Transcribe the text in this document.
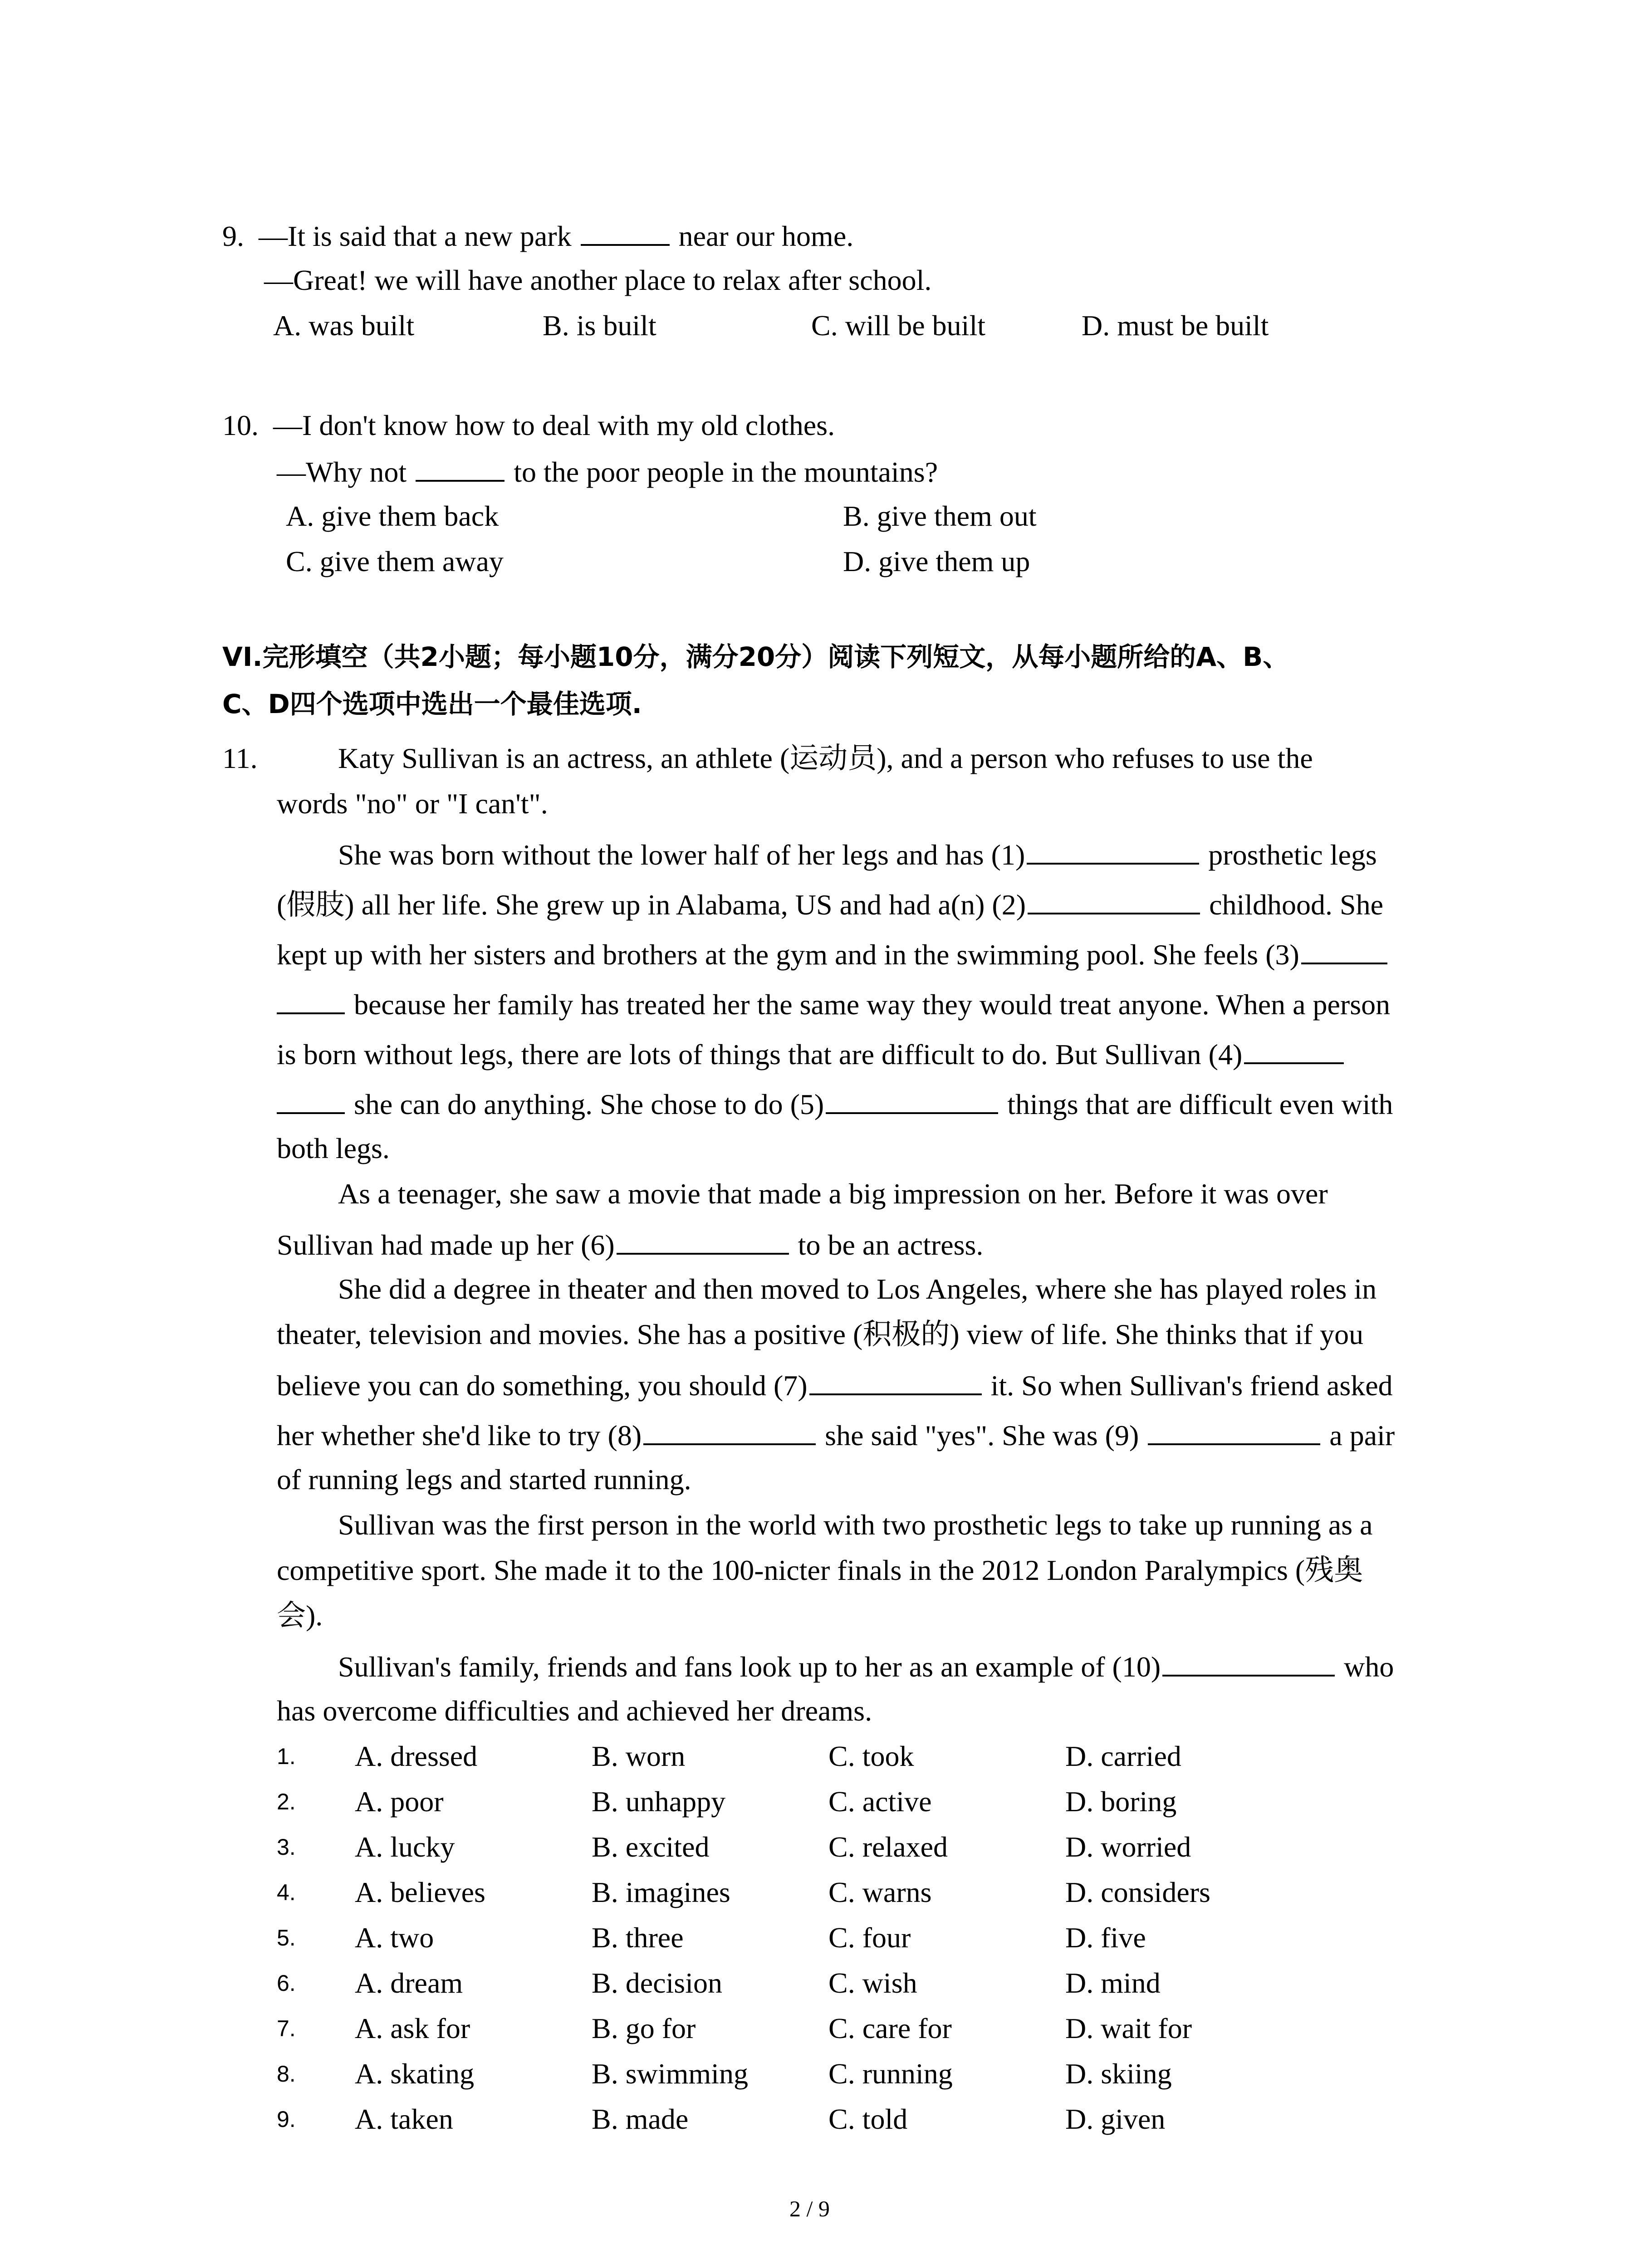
9. —It is said that a new park	near our home.
—Great! we will have another place to relax after school.
A. was built	B. is built	C. will be built	D. must be built
10. —I don't know how to deal with my old clothes.
—Why not	to the poor people in the mountains?
A. give them back	B. give them out
C. give them away	D. give them up
VI.完形填空（共2小题；每小题10分，满分20分）阅读下列短文，从每小题所给的A、B、
C、D四个选项中选出一个最佳选项.
11.	Katy Sullivan is an actress, an athlete (运动员), and a person who refuses to use the
words "no" or "I can't".
She was born without the lower half of her legs and has (1)	prosthetic legs
(假肢) all her life. She grew up in Alabama, US and had a(n) (2)	childhood. She
kept up with her sisters and brothers at the gym and in the swimming pool. She feels (3)
because her family has treated her the same way they would treat anyone. When a person
is born without legs, there are lots of things that are difficult to do. But Sullivan (4)
she can do anything. She chose to do (5)	things that are difficult even with
both legs.
As a teenager, she saw a movie that made a big impression on her. Before it was over
Sullivan had made up her (6)	to be an actress.
She did a degree in theater and then moved to Los Angeles, where she has played roles in
theater, television and movies. She has a positive (积极的) view of life. She thinks that if you
believe you can do something, you should (7)	it. So when Sullivan's friend asked
her whether she'd like to try (8)	she said "yes". She was (9)	a pair
of running legs and started running.
Sullivan was the first person in the world with two prosthetic legs to take up running as a
competitive sport. She made it to the 100-nicter finals in the 2012 London Paralympics (残奥
会).
Sullivan's family, friends and fans look up to her as an example of (10)	who
has overcome difficulties and achieved her dreams.
1. A. dressed	B. worn	C. took	D. carried
2. A. poor	B. unhappy	C. active	D. boring
3. A. lucky	B. excited	C. relaxed	D. worried
4. A. believes	B. imagines	C. warns	D. considers
5. A. two	B. three	C. four	D. five
6. A. dream	B. decision	C. wish	D. mind
7. A. ask for	B. go for	C. care for	D. wait for
8. A. skating	B. swimming	C. running	D. skiing
9. A. taken	B. made	C. told	D. given
2 / 9
